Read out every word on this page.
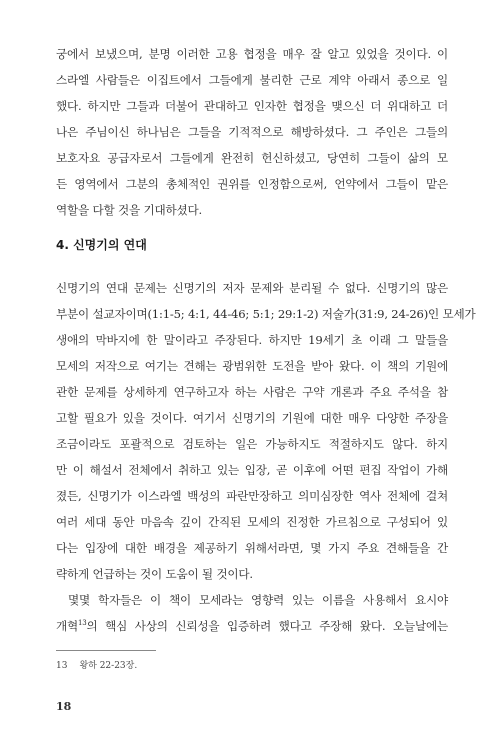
궁에서 보냈으며, 분명 이러한 고용 협정을 매우 잘 알고 있었을 것이다. 이
스라엘 사람들은 이집트에서 그들에게 불리한 근로 계약 아래서 종으로 일
했다. 하지만 그들과 더불어 관대하고 인자한 협정을 맺으신 더 위대하고 더
나은 주님이신 하나님은 그들을 기적적으로 해방하셨다. 그 주인은 그들의
보호자요 공급자로서 그들에게 완전히 헌신하셨고, 당연히 그들이 삶의 모
든 영역에서 그분의 총체적인 권위를 인정함으로써, 언약에서 그들이 맡은
역할을 다할 것을 기대하셨다.
4. 신명기의 연대
신명기의 연대 문제는 신명기의 저자 문제와 분리될 수 없다. 신명기의 많은
부분이 설교자이며(1:1-5; 4:1, 44-46; 5:1; 29:1-2) 저술가(31:9, 24-26)인 모세가
생애의 막바지에 한 말이라고 주장된다. 하지만 19세기 초 이래 그 말들을
모세의 저작으로 여기는 견해는 광범위한 도전을 받아 왔다. 이 책의 기원에
관한 문제를 상세하게 연구하고자 하는 사람은 구약 개론과 주요 주석을 참
고할 필요가 있을 것이다. 여기서 신명기의 기원에 대한 매우 다양한 주장을
조금이라도 포괄적으로 검토하는 일은 가능하지도 적절하지도 않다. 하지
만 이 해설서 전체에서 취하고 있는 입장, 곧 이후에 어떤 편집 작업이 가해
졌든, 신명기가 이스라엘 백성의 파란만장하고 의미심장한 역사 전체에 걸쳐
여러 세대 동안 마음속 깊이 간직된 모세의 진정한 가르침으로 구성되어 있
다는 입장에 대한 배경을 제공하기 위해서라면, 몇 가지 주요 견해들을 간
략하게 언급하는 것이 도움이 될 것이다.
몇몇 학자들은 이 책이 모세라는 영향력 있는 이름을 사용해서 요시야
개혁$^{13}$의 핵심 사상의 신뢰성을 입증하려 했다고 주장해 왔다. 오늘날에는
13 왕하 22-23장.
18
